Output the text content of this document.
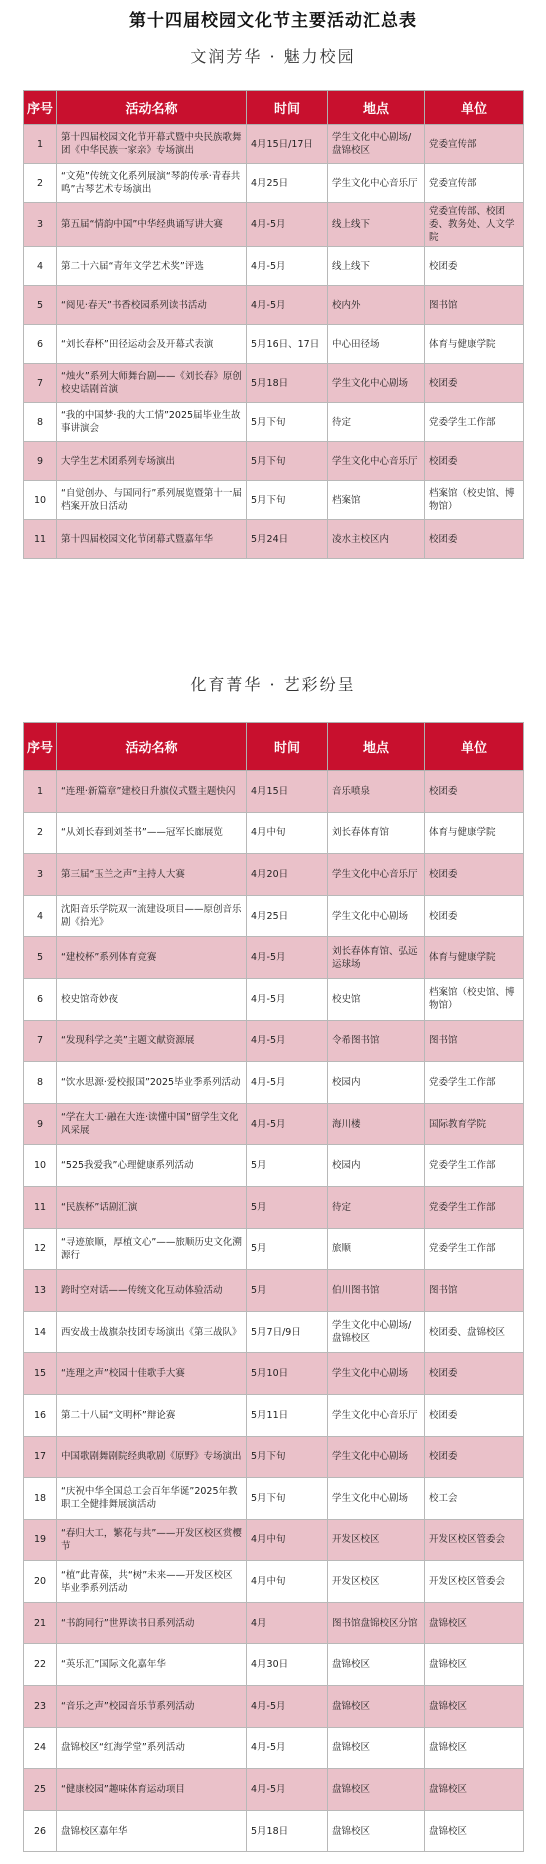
第十四届校园文化节主要活动汇总表
文润芳华 · 魅力校园
序号	活动名称	时间	地点	单位
1	第十四届校园文化节开幕式暨中央民族歌舞团《中华民族一家亲》专场演出	4月15日/17日	学生文化中心剧场/盘锦校区	党委宣传部
2	“文苑”传统文化系列展演“琴韵传承·青春共鸣”古琴艺术专场演出	4月25日	学生文化中心音乐厅	党委宣传部
3	第五届“情韵中国”中华经典诵写讲大赛	4月-5月	线上线下	党委宣传部、校团委、教务处、人文学院
4	第二十六届“青年文学艺术奖”评选	4月-5月	线上线下	校团委
5	“阅见·春天”书香校园系列读书活动	4月-5月	校内外	图书馆
6	“刘长春杯”田径运动会及开幕式表演	5月16日、17日	中心田径场	体育与健康学院
7	“烛火”系列大师舞台剧——《刘长春》原创校史话剧首演	5月18日	学生文化中心剧场	校团委
8	“我的中国梦·我的大工情”2025届毕业生故事讲演会	5月下旬	待定	党委学生工作部
9	大学生艺术团系列专场演出	5月下旬	学生文化中心音乐厅	校团委
10	“自觉创办、与国同行”系列展览暨第十一届档案开放日活动	5月下旬	档案馆	档案馆（校史馆、博物馆）
11	第十四届校园文化节闭幕式暨嘉年华	5月24日	凌水主校区内	校团委
化育菁华 · 艺彩纷呈
序号	活动名称	时间	地点	单位
1	“连理·新篇章”建校日升旗仪式暨主题快闪	4月15日	音乐喷泉	校团委
2	“从刘长春到刘荃书”——冠军长廊展览	4月中旬	刘长春体育馆	体育与健康学院
3	第三届“玉兰之声”主持人大赛	4月20日	学生文化中心音乐厅	校团委
4	沈阳音乐学院双一流建设项目——原创音乐剧《拾光》	4月25日	学生文化中心剧场	校团委
5	“建校杯”系列体育竞赛	4月-5月	刘长春体育馆、弘远运球场	体育与健康学院
6	校史馆奇妙夜	4月-5月	校史馆	档案馆（校史馆、博物馆）
7	“发现科学之美”主题文献资源展	4月-5月	令希图书馆	图书馆
8	“饮水思源·爱校报国”2025毕业季系列活动	4月-5月	校园内	党委学生工作部
9	“学在大工·融在大连·读懂中国”留学生文化风采展	4月-5月	海川楼	国际教育学院
10	“525我爱我”心理健康系列活动	5月	校园内	党委学生工作部
11	“民族杯”话剧汇演	5月	待定	党委学生工作部
12	“寻迹旅顺，厚植文心”——旅顺历史文化溯源行	5月	旅顺	党委学生工作部
13	跨时空对话——传统文化互动体验活动	5月	伯川图书馆	图书馆
14	西安战士战旗杂技团专场演出《第三战队》	5月7日/9日	学生文化中心剧场/盘锦校区	校团委、盘锦校区
15	“连理之声”校园十佳歌手大赛	5月10日	学生文化中心剧场	校团委
16	第二十八届“文明杯”辩论赛	5月11日	学生文化中心音乐厅	校团委
17	中国歌剧舞剧院经典歌剧《原野》专场演出	5月下旬	学生文化中心剧场	校团委
18	“庆祝中华全国总工会百年华诞”2025年教职工全健排舞展演活动	5月下旬	学生文化中心剧场	校工会
19	“春归大工，繁花与共”——开发区校区赏樱节	4月中旬	开发区校区	开发区校区管委会
20	“植”此青葆，共“树”未来——开发区校区毕业季系列活动	4月中旬	开发区校区	开发区校区管委会
21	“书韵同行”世界读书日系列活动	4月	图书馆盘锦校区分馆	盘锦校区
22	“英乐汇”国际文化嘉年华	4月30日	盘锦校区	盘锦校区
23	“音乐之声”校园音乐节系列活动	4月-5月	盘锦校区	盘锦校区
24	盘锦校区“红海学堂”系列活动	4月-5月	盘锦校区	盘锦校区
25	“健康校园”趣味体育运动项目	4月-5月	盘锦校区	盘锦校区
26	盘锦校区嘉年华	5月18日	盘锦校区	盘锦校区
